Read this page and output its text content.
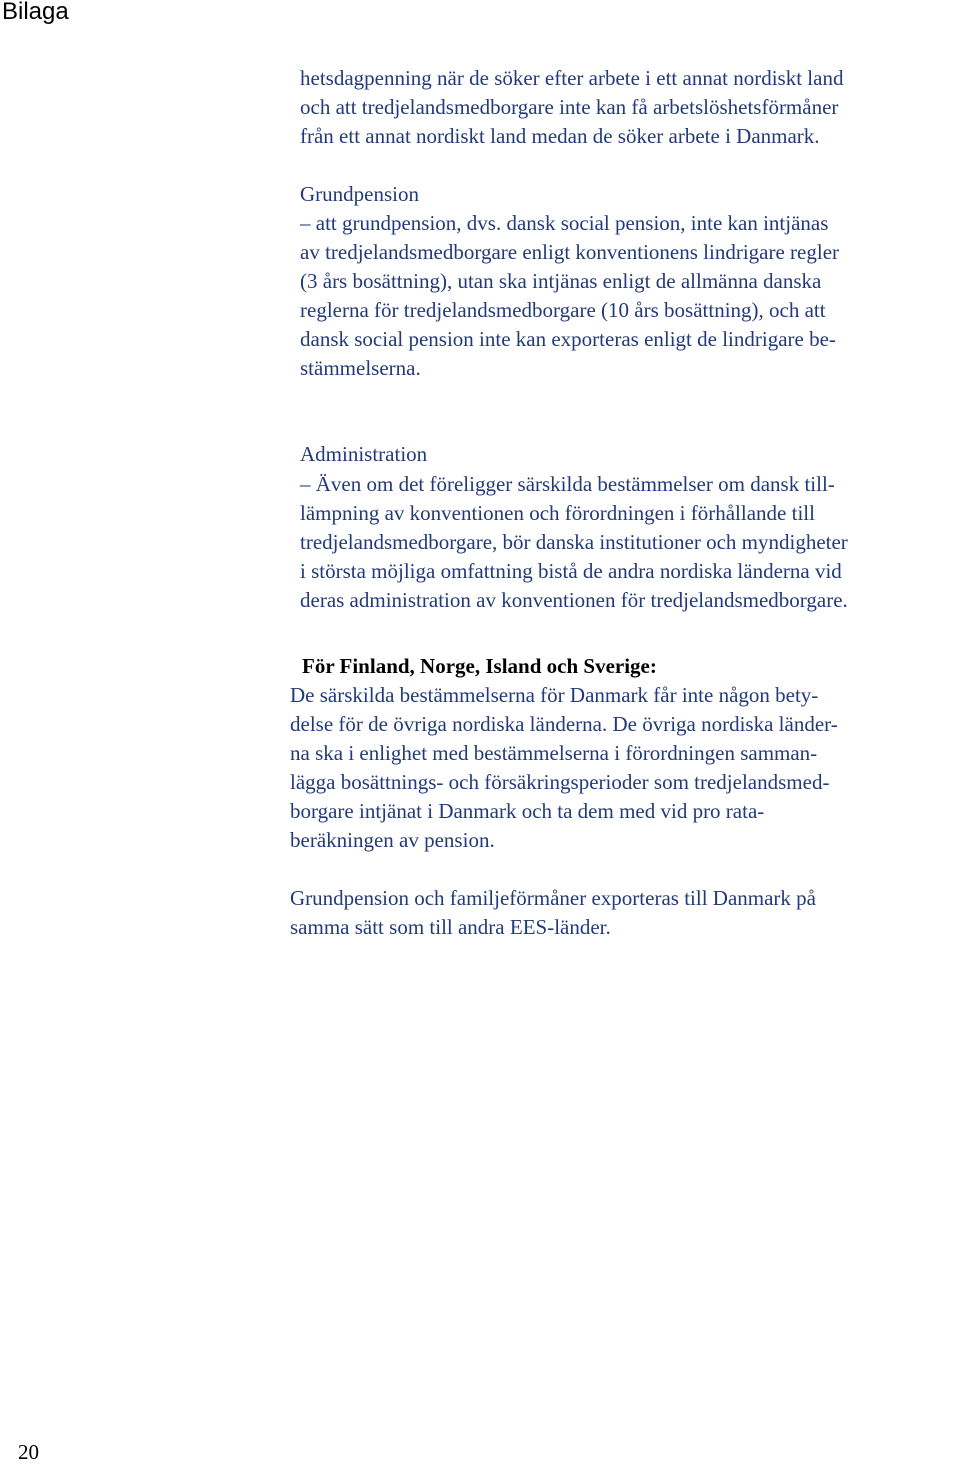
Bilaga
hetsdagpenning när de söker efter arbete i ett annat nordiskt land
och att tredjelandsmedborgare inte kan få arbetslöshetsförmåner
från ett annat nordiskt land medan de söker arbete i Danmark.
Grundpension
– att grundpension, dvs. dansk social pension, inte kan intjänas
av tredjelandsmedborgare enligt konventionens lindrigare regler
(3 års bosättning), utan ska intjänas enligt de allmänna danska
reglerna för tredjelandsmedborgare (10 års bosättning), och att
dansk social pension inte kan exporteras enligt de lindrigare be-
stämmelserna.
Administration
– Även om det föreligger särskilda bestämmelser om dansk till-
lämpning av konventionen och förordningen i förhållande till
tredjelandsmedborgare, bör danska institutioner och myndigheter
i största möjliga omfattning bistå de andra nordiska länderna vid
deras administration av konventionen för tredjelandsmedborgare.
För Finland, Norge, Island och Sverige:
De särskilda bestämmelserna för Danmark får inte någon bety-
delse för de övriga nordiska länderna. De övriga nordiska länder-
na ska i enlighet med bestämmelserna i förordningen samman-
lägga bosättnings- och försäkringsperioder som tredjelandsmed-
borgare intjänat i Danmark och ta dem med vid pro rata-
beräkningen av pension.
Grundpension och familjeförmåner exporteras till Danmark på
samma sätt som till andra EES-länder.
20
